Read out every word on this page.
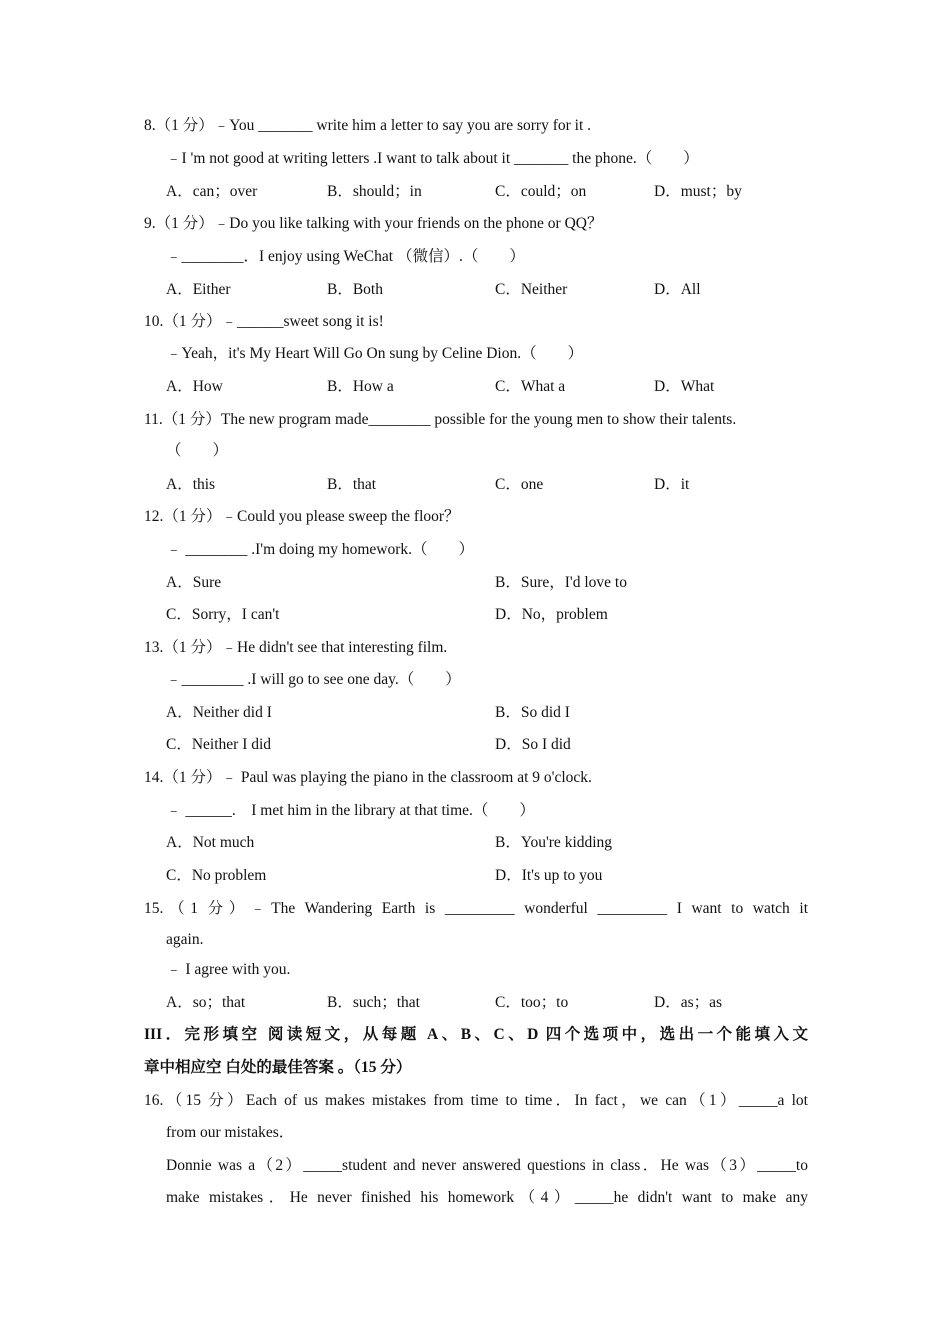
8.（1 分）﹣You _______ write him a letter to say you are sorry for it .
﹣I 'm not good at writing letters .I want to talk about it _______ the phone.（　　）
A．can；over	B．should；in	C．could；on	D．must；by
9.（1 分）﹣Do you like talking with your friends on the phone or QQ？
﹣________．I enjoy using WeChat （微信）.（　　）
A．Either	B．Both	C．Neither	D．All
10.（1 分）﹣______sweet song it is!
﹣Yeah，it's My Heart Will Go On sung by Celine Dion.（　　）
A．How	B．How a	C．What a	D．What
11.（1 分）The new program made________ possible for the young men to show their talents.
（　　）
A．this	B．that	C．one	D．it
12.（1 分）﹣Could you please sweep the floor？
﹣ ________ .I'm doing my homework.（　　）
A．Sure	B．Sure，I'd love to
C．Sorry，I can't	D．No，problem
13.（1 分）﹣He didn't see that interesting film.
﹣________ .I will go to see one day.（　　）
A．Neither did I	B．So did I
C．Neither I did	D．So I did
14.（1 分）﹣ Paul was playing the piano in the classroom at 9 o'clock.
﹣ ______.　I met him in the library at that time.（　　）
A．Not much	B．You're kidding
C．No problem	D．It's up to you
15.（1 分）﹣The Wandering Earth is _________ wonderful _________ I want to watch it
again.
﹣ I agree with you.
A．so；that	B．such；that	C．too；to	D．as；as
III．完形填空 阅读短文，从每题 A、B、C、D 四个选项中，选出一个能填入文
章中相应空 白处的最佳答案 。（15 分）
16.（15 分）Each of us makes mistakes from time to time．In fact，we can（1）_____a lot
from our mistakes．
Donnie was a（2）_____student and never answered questions in class．He was（3）_____to
make mistakes．He never finished his homework（4）_____he didn't want to make any
